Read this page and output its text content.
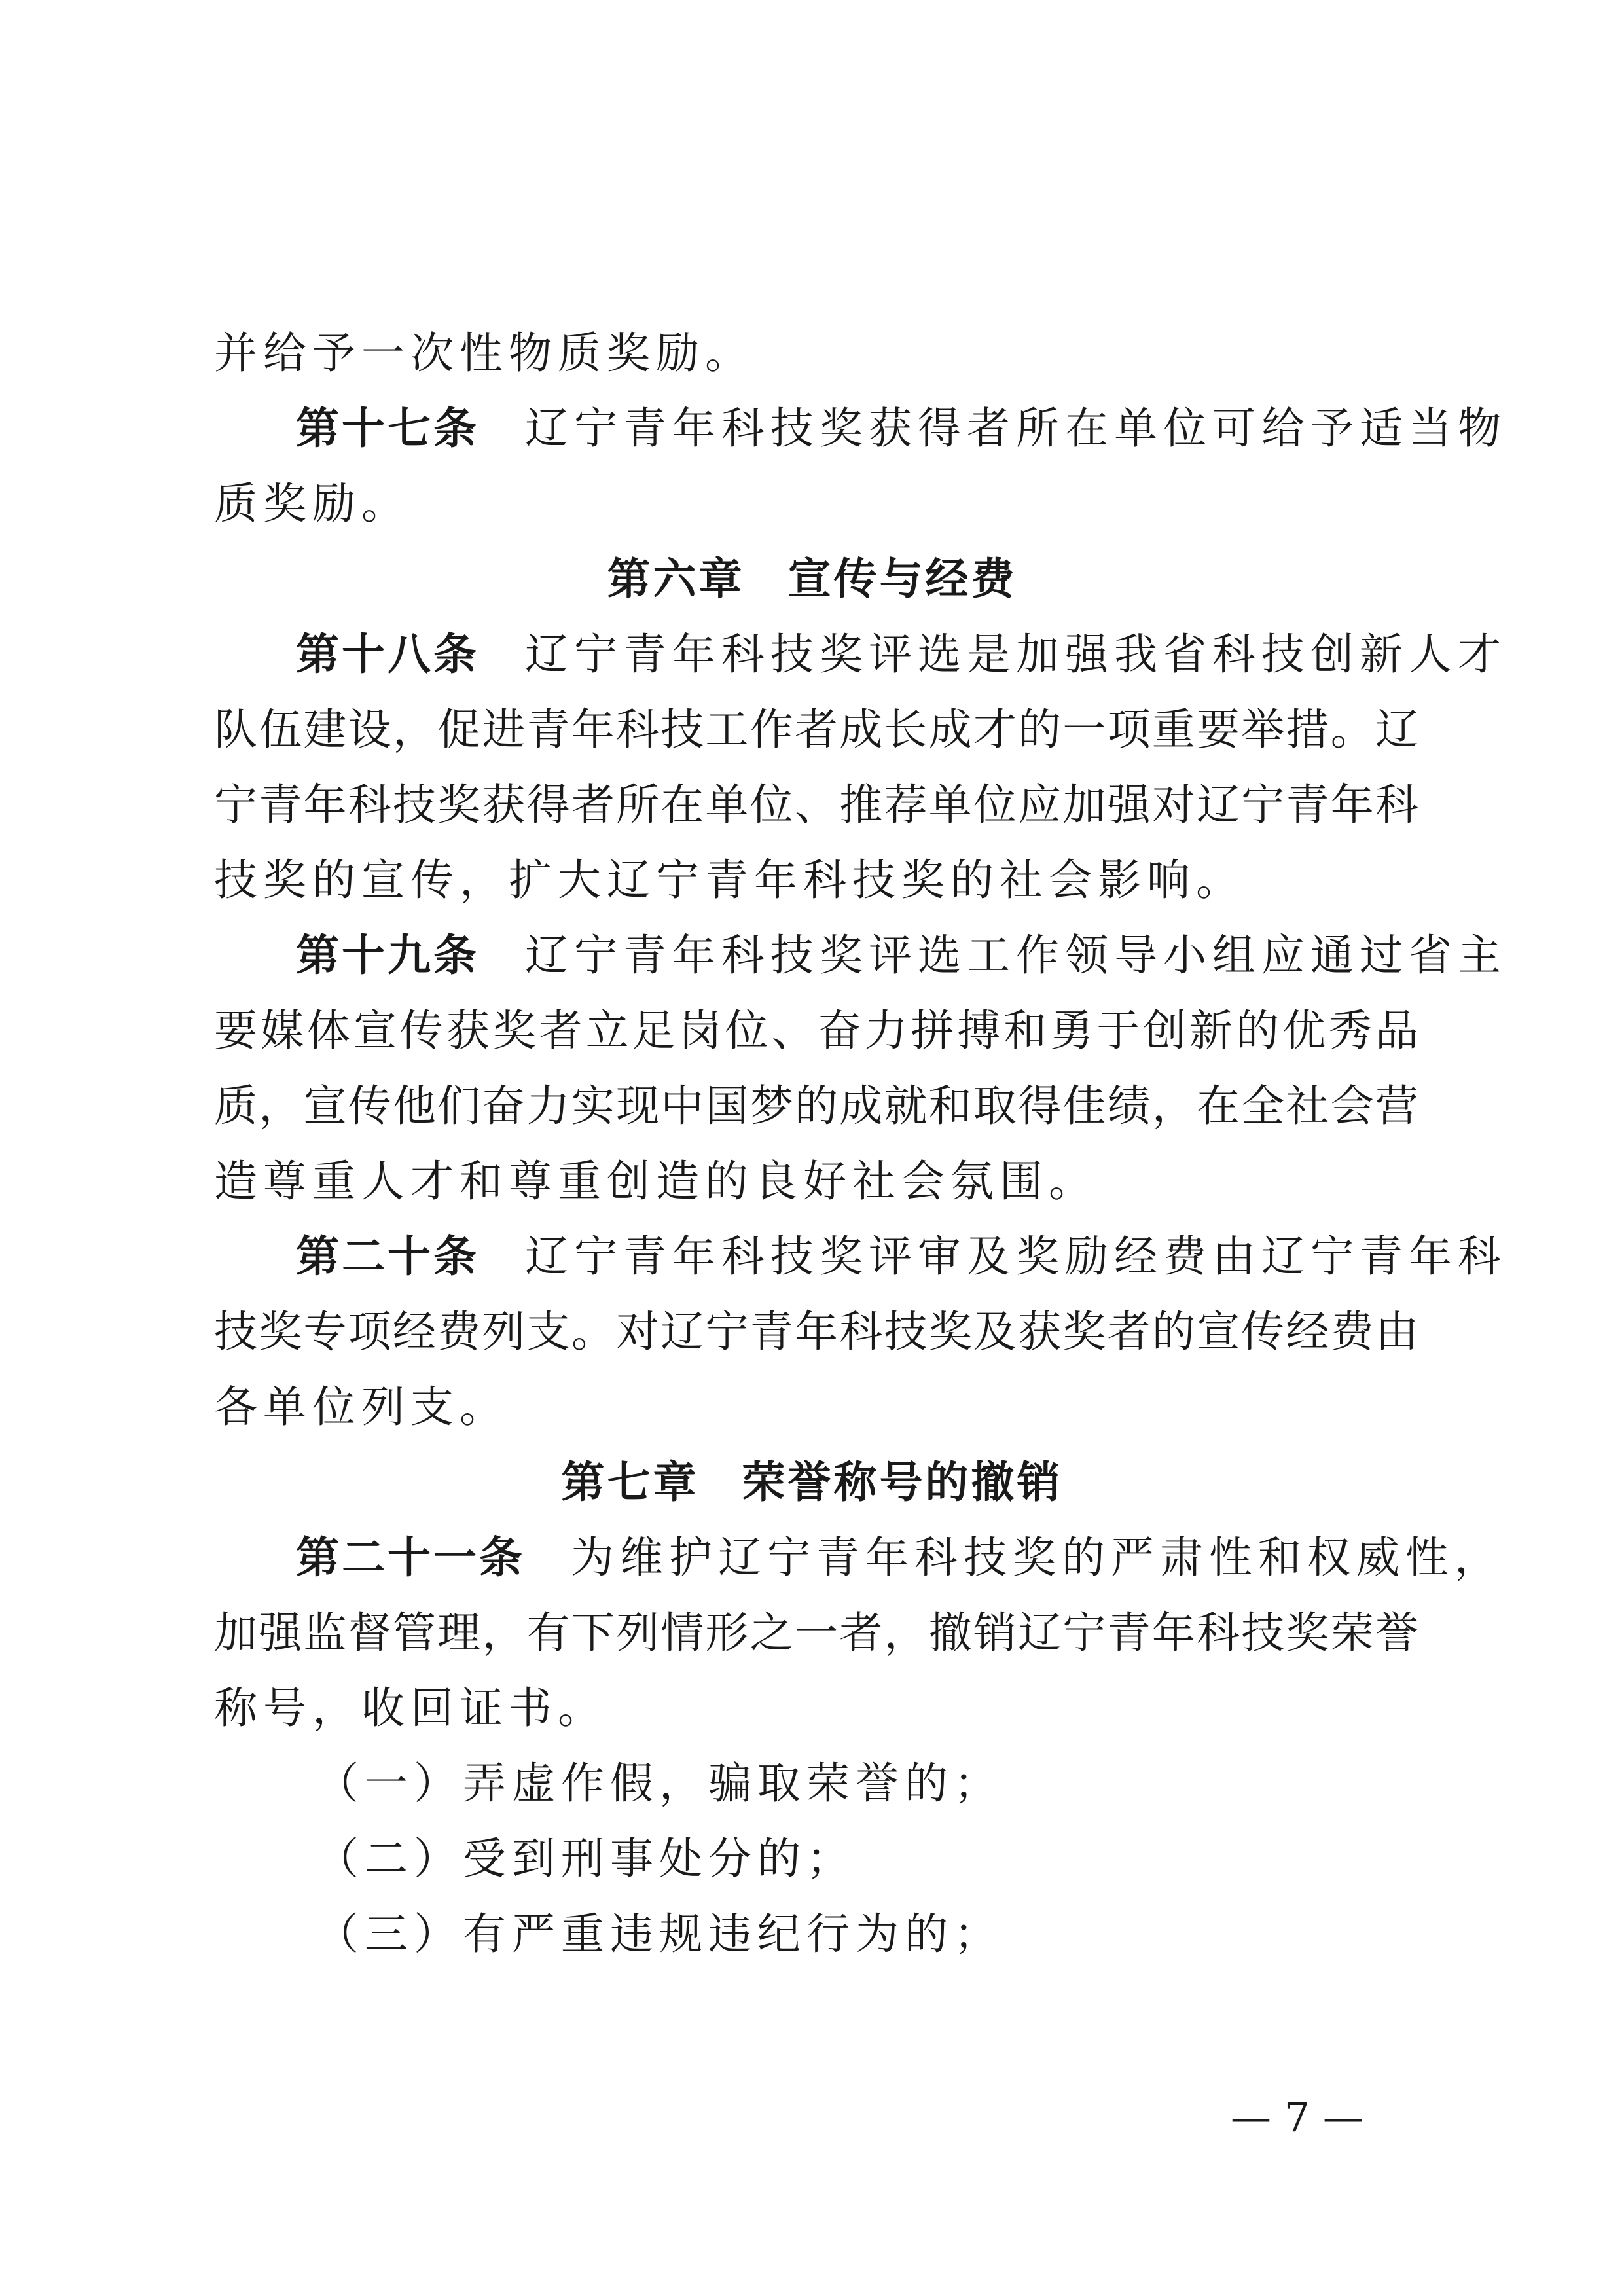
并给予一次性物质奖励。
第十七条 辽宁青年科技奖获得者所在单位可给予适当物
质奖励。
第六章 宣传与经费
第十八条 辽宁青年科技奖评选是加强我省科技创新人才
队伍建设，促进青年科技工作者成长成才的一项重要举措。辽
宁青年科技奖获得者所在单位、推荐单位应加强对辽宁青年科
技奖的宣传，扩大辽宁青年科技奖的社会影响。
第十九条 辽宁青年科技奖评选工作领导小组应通过省主
要媒体宣传获奖者立足岗位、奋力拼搏和勇于创新的优秀品
质，宣传他们奋力实现中国梦的成就和取得佳绩，在全社会营
造尊重人才和尊重创造的良好社会氛围。
第二十条 辽宁青年科技奖评审及奖励经费由辽宁青年科
技奖专项经费列支。对辽宁青年科技奖及获奖者的宣传经费由
各单位列支。
第七章 荣誉称号的撤销
第二十一条 为维护辽宁青年科技奖的严肃性和权威性，
加强监督管理，有下列情形之一者，撤销辽宁青年科技奖荣誉
称号，收回证书。
（一）弄虚作假，骗取荣誉的；
（二）受到刑事处分的；
（三）有严重违规违纪行为的；
— 7 —
